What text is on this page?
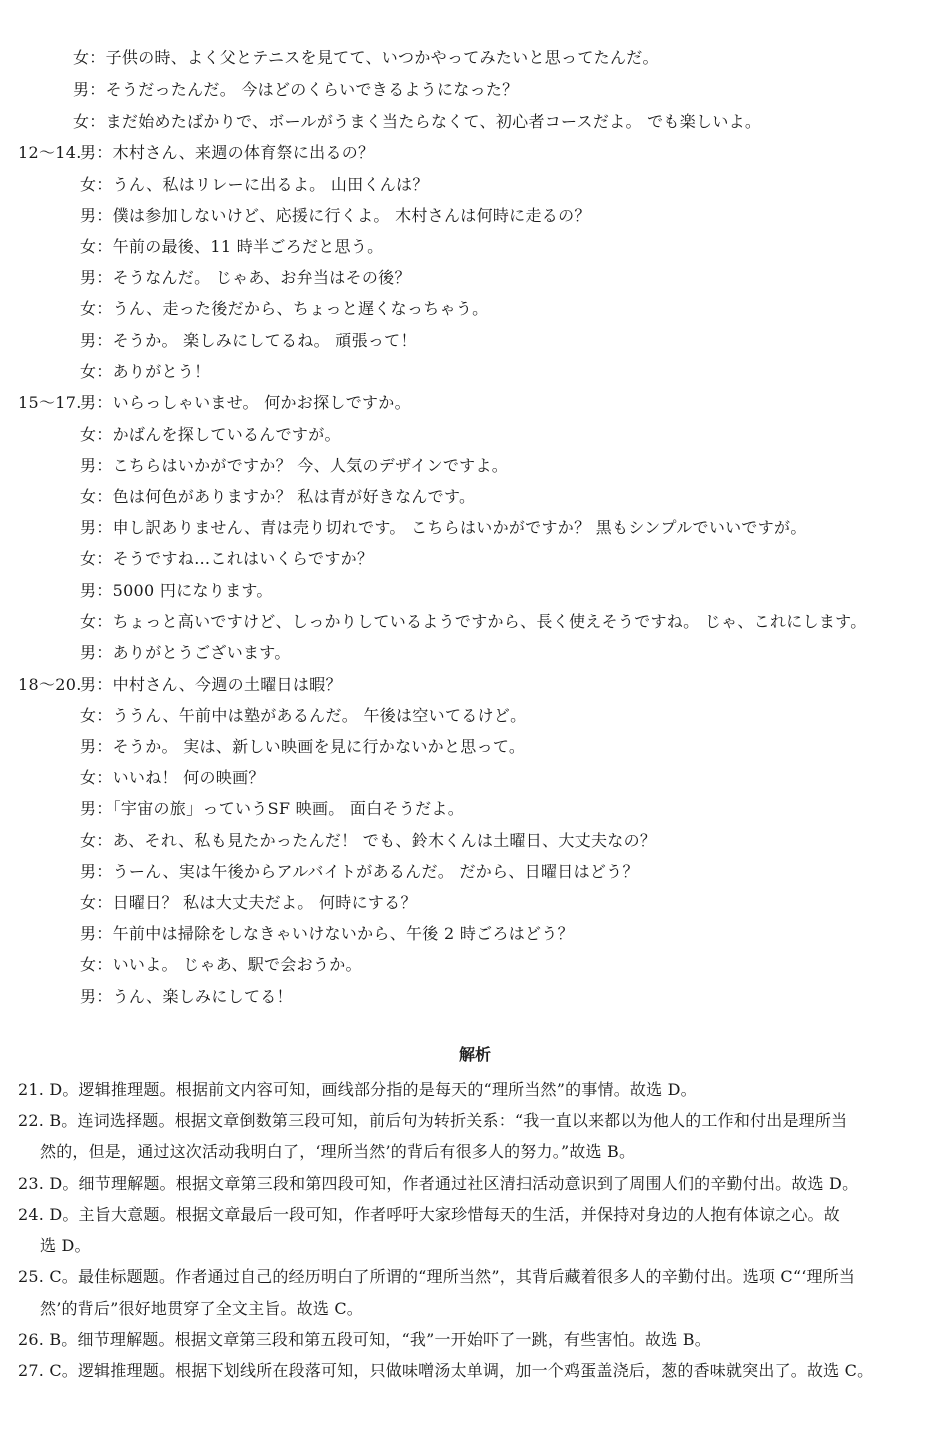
女：子供の時、よく父とテニスを見てて、いつかやってみたいと思ってたんだ。
男：そうだったんだ。 今はどのくらいできるようになった？
女：まだ始めたばかりで、ボールがうまく当たらなくて、初心者コースだよ。 でも楽しいよ。
12～14.
男：木村さん、来週の体育祭に出るの？
女：うん、私はリレーに出るよ。 山田くんは？
男：僕は参加しないけど、応援に行くよ。 木村さんは何時に走るの？
女：午前の最後、11 時半ごろだと思う。
男：そうなんだ。 じゃあ、お弁当はその後？
女：うん、走った後だから、ちょっと遅くなっちゃう。
男：そうか。 楽しみにしてるね。 頑張って！
女：ありがとう！
15～17.
男：いらっしゃいませ。 何かお探しですか。
女：かばんを探しているんですが。
男：こちらはいかがですか？ 今、人気のデザインですよ。
女：色は何色がありますか？ 私は青が好きなんです。
男：申し訳ありません、青は売り切れです。 こちらはいかがですか？ 黒もシンプルでいいですが。
女：そうですね…これはいくらですか？
男：5000 円になります。
女：ちょっと高いですけど、しっかりしているようですから、長く使えそうですね。 じゃ、これにします。
男：ありがとうございます。
18～20.
男：中村さん、今週の土曜日は暇？
女：ううん、午前中は塾があるんだ。 午後は空いてるけど。
男：そうか。 実は、新しい映画を見に行かないかと思って。
女：いいね！ 何の映画？
男：「宇宙の旅」っていうSF 映画。 面白そうだよ。
女：あ、それ、私も見たかったんだ！ でも、鈴木くんは土曜日、大丈夫なの？
男：うーん、実は午後からアルバイトがあるんだ。 だから、日曜日はどう？
女：日曜日？ 私は大丈夫だよ。 何時にする？
男：午前中は掃除をしなきゃいけないから、午後 2 時ごろはどう？
女：いいよ。 じゃあ、駅で会おうか。
男：うん、楽しみにしてる！
解析
21. D。逻辑推理题。根据前文内容可知，画线部分指的是每天的“理所当然”的事情。故选 D。
22. B。连词选择题。根据文章倒数第三段可知，前后句为转折关系：“我一直以来都以为他人的工作和付出是理所当
然的，但是，通过这次活动我明白了，‘理所当然’的背后有很多人的努力。”故选 B。
23. D。细节理解题。根据文章第三段和第四段可知，作者通过社区清扫活动意识到了周围人们的辛勤付出。故选 D。
24. D。主旨大意题。根据文章最后一段可知，作者呼吁大家珍惜每天的生活，并保持对身边的人抱有体谅之心。故
选 D。
25. C。最佳标题题。作者通过自己的经历明白了所谓的“理所当然”，其背后藏着很多人的辛勤付出。选项 C“‘理所当
然’的背后”很好地贯穿了全文主旨。故选 C。
26. B。细节理解题。根据文章第三段和第五段可知，“我”一开始吓了一跳，有些害怕。故选 B。
27. C。逻辑推理题。根据下划线所在段落可知，只做味噌汤太单调，加一个鸡蛋盖浇后，葱的香味就突出了。故选 C。
